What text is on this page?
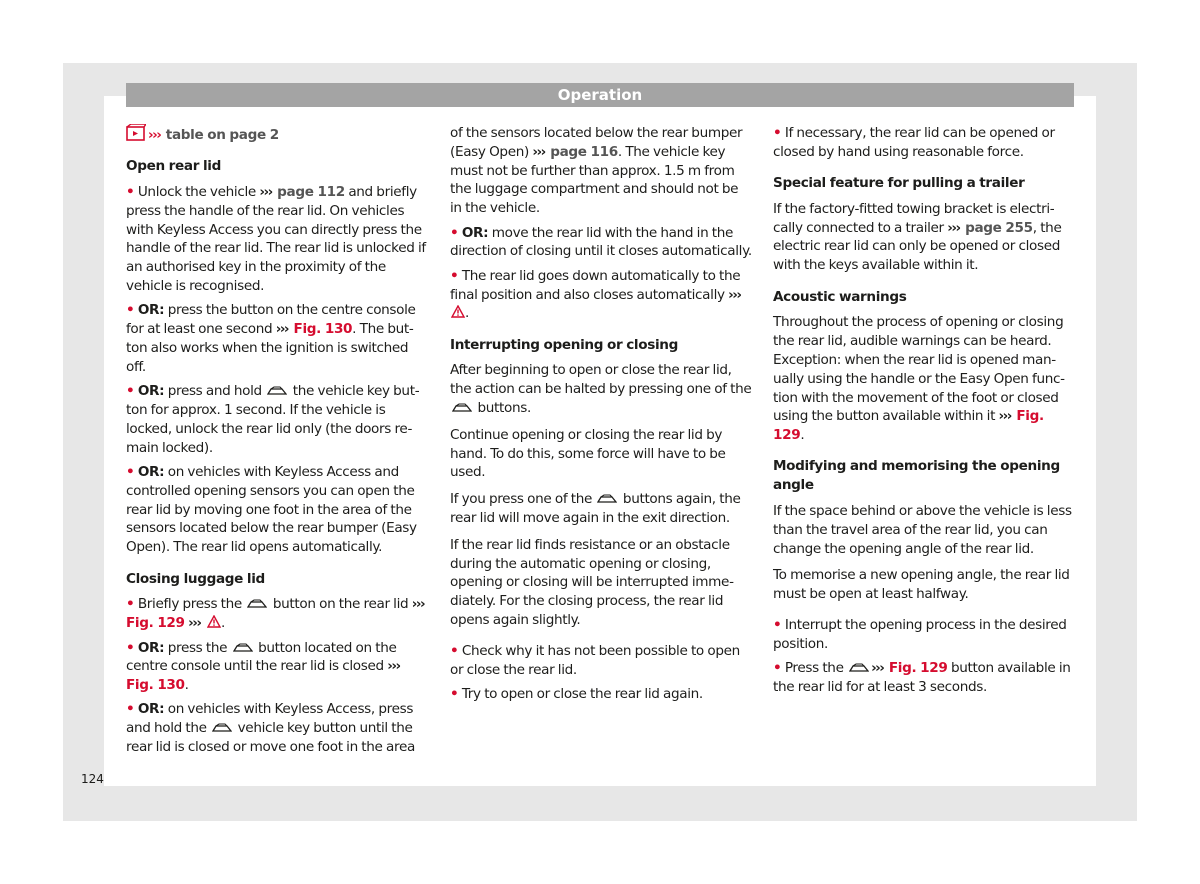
Operation
124

››› table on page 2

Open rear lid

• Unlock the vehicle ››› page 112 and briefly press the handle of the rear lid. On vehicles with Keyless Access you can directly press the handle of the rear lid. The rear lid is unlocked if an authorised key in the proximity of the vehicle is recognised.

• OR: press the button on the centre console for at least one second ››› Fig. 130. The button also works when the ignition is switched off.

• OR: press and hold  the vehicle key button for approx. 1 second. If the vehicle is locked, unlock the rear lid only (the doors remain locked).

• OR: on vehicles with Keyless Access and controlled opening sensors you can open the rear lid by moving one foot in the area of the sensors located below the rear bumper (Easy Open). The rear lid opens automatically.

Closing luggage lid

• Briefly press the  button on the rear lid ››› Fig. 129 ››› .

• OR: press the  button located on the centre console until the rear lid is closed ››› Fig. 130.

• OR: on vehicles with Keyless Access, press and hold the  vehicle key button until the rear lid is closed or move one foot in the area

of the sensors located below the rear bumper (Easy Open) ››› page 116. The vehicle key must not be further than approx. 1.5 m from the luggage compartment and should not be in the vehicle.

• OR: move the rear lid with the hand in the direction of closing until it closes automatically.

• The rear lid goes down automatically to the final position and also closes automatically ››› .

Interrupting opening or closing

After beginning to open or close the rear lid, the action can be halted by pressing one of the  buttons.

Continue opening or closing the rear lid by hand. To do this, some force will have to be used.

If you press one of the  buttons again, the rear lid will move again in the exit direction.

If the rear lid finds resistance or an obstacle during the automatic opening or closing, opening or closing will be interrupted immediately. For the closing process, the rear lid opens again slightly.

• Check why it has not been possible to open or close the rear lid.

• Try to open or close the rear lid again.

• If necessary, the rear lid can be opened or closed by hand using reasonable force.

Special feature for pulling a trailer

If the factory-fitted towing bracket is electrically connected to a trailer ››› page 255, the electric rear lid can only be opened or closed with the keys available within it.

Acoustic warnings

Throughout the process of opening or closing the rear lid, audible warnings can be heard. Exception: when the rear lid is opened manually using the handle or the Easy Open function with the movement of the foot or closed using the button available within it ››› Fig. 129.

Modifying and memorising the opening angle

If the space behind or above the vehicle is less than the travel area of the rear lid, you can change the opening angle of the rear lid.

To memorise a new opening angle, the rear lid must be open at least halfway.

• Interrupt the opening process in the desired position.

• Press the ››› Fig. 129 button available in the rear lid for at least 3 seconds.
